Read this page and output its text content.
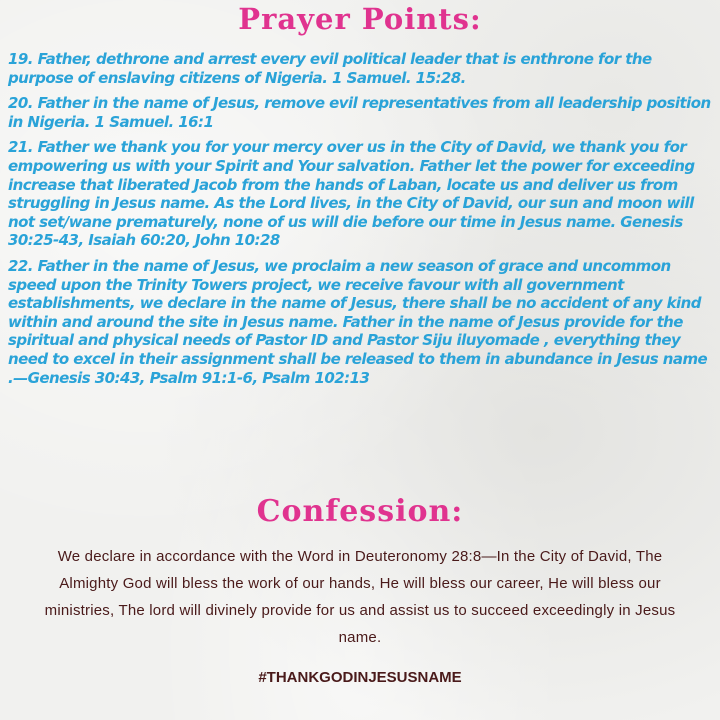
Prayer Points:

19. Father, dethrone and arrest every evil political leader that is enthrone for the purpose of enslaving citizens of Nigeria. 1 Samuel. 15:28.

20. Father in the name of Jesus, remove evil representatives from all leadership position in Nigeria. 1 Samuel. 16:1

21. Father we thank you for your mercy over us in the City of David, we thank you for empowering us with your Spirit and Your salvation. Father let the power for exceeding increase that liberated Jacob from the hands of Laban, locate us and deliver us from struggling in Jesus name. As the Lord lives, in the City of David, our sun and moon will not set/wane prematurely, none of us will die before our time in Jesus name. Genesis 30:25-43, Isaiah 60:20, John 10:28

22. Father in the name of Jesus, we proclaim a new season of grace and uncommon speed upon the Trinity Towers project, we receive favour with all government establishments, we declare in the name of Jesus, there shall be no accident of any kind within and around the site in Jesus name. Father in the name of Jesus provide for the spiritual and physical needs of Pastor ID and Pastor Siju iluyomade , everything they need to excel in their assignment shall be released to them in abundance in Jesus name .—Genesis 30:43, Psalm 91:1-6, Psalm 102:13

Confession:

We declare in accordance with the Word in Deuteronomy 28:8—In the City of David, The Almighty God will bless the work of our hands, He will bless our career, He will bless our ministries, The lord will divinely provide for us and assist us to succeed exceedingly in Jesus name.

#THANKGODINJESUSNAME
